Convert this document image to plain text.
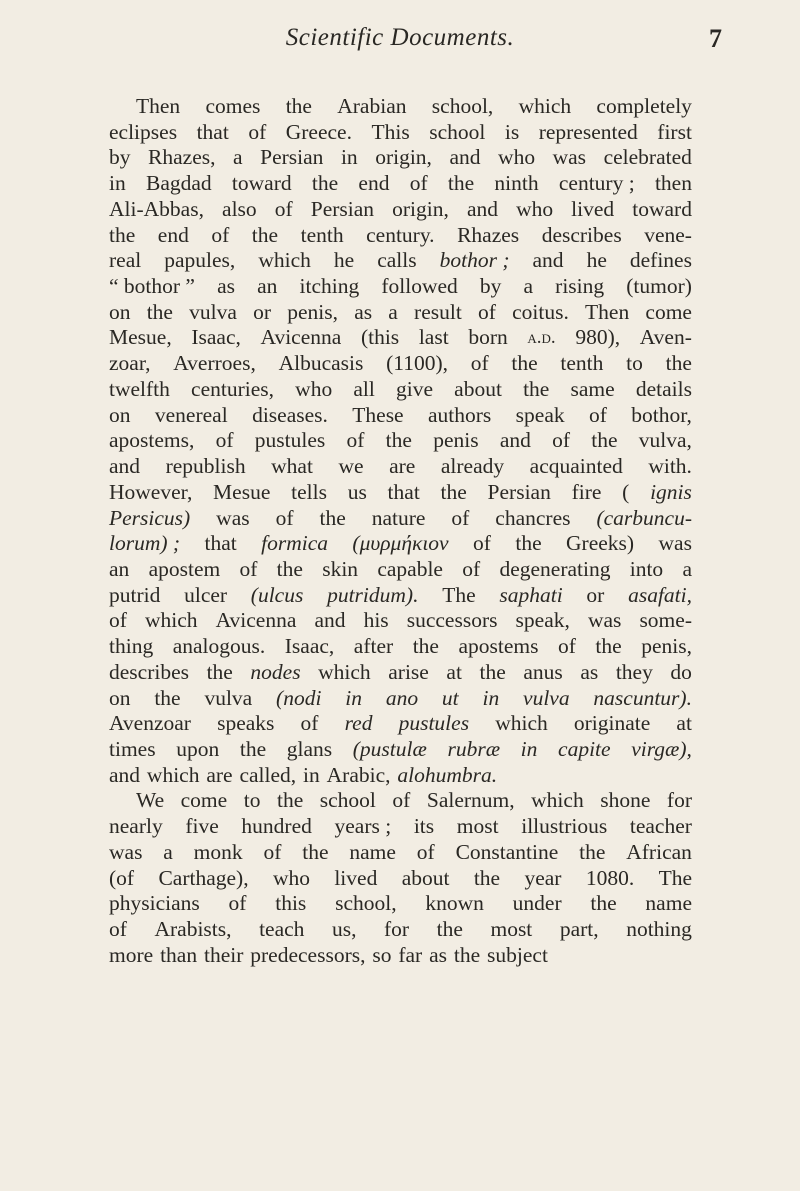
Scientific Documents.	7
Then comes the Arabian school, which completely
eclipses that of Greece. This school is represented first
by Rhazes, a Persian in origin, and who was celebrated
in Bagdad toward the end of the ninth century ; then
Ali-Abbas, also of Persian origin, and who lived toward
the end of the tenth century. Rhazes describes vene-
real papules, which he calls bothor ; and he defines
“ bothor ” as an itching followed by a rising (tumor)
on the vulva or penis, as a result of coitus. Then come
Mesue, Isaac, Avicenna (this last born a.d. 980), Aven-
zoar, Averroes, Albucasis (1100), of the tenth to the
twelfth centuries, who all give about the same details
on venereal diseases. These authors speak of bothor,
apostems, of pustules of the penis and of the vulva,
and republish what we are already acquainted with.
However, Mesue tells us that the Persian fire ( ignis
Persicus) was of the nature of chancres (carbuncu-
lorum) ; that formica (μυρμήκιον of the Greeks) was
an apostem of the skin capable of degenerating into a
putrid ulcer (ulcus putridum). The saphati or asafati,
of which Avicenna and his successors speak, was some-
thing analogous. Isaac, after the apostems of the penis,
describes the nodes which arise at the anus as they do
on the vulva (nodi in ano ut in vulva nascuntur).
Avenzoar speaks of red pustules which originate at
times upon the glans (pustulæ rubræ in capite virgæ),
and which are called, in Arabic, alohumbra.
We come to the school of Salernum, which shone for
nearly five hundred years ; its most illustrious teacher
was a monk of the name of Constantine the African
(of Carthage), who lived about the year 1080. The
physicians of this school, known under the name
of Arabists, teach us, for the most part, nothing
more than their predecessors, so far as the subject
